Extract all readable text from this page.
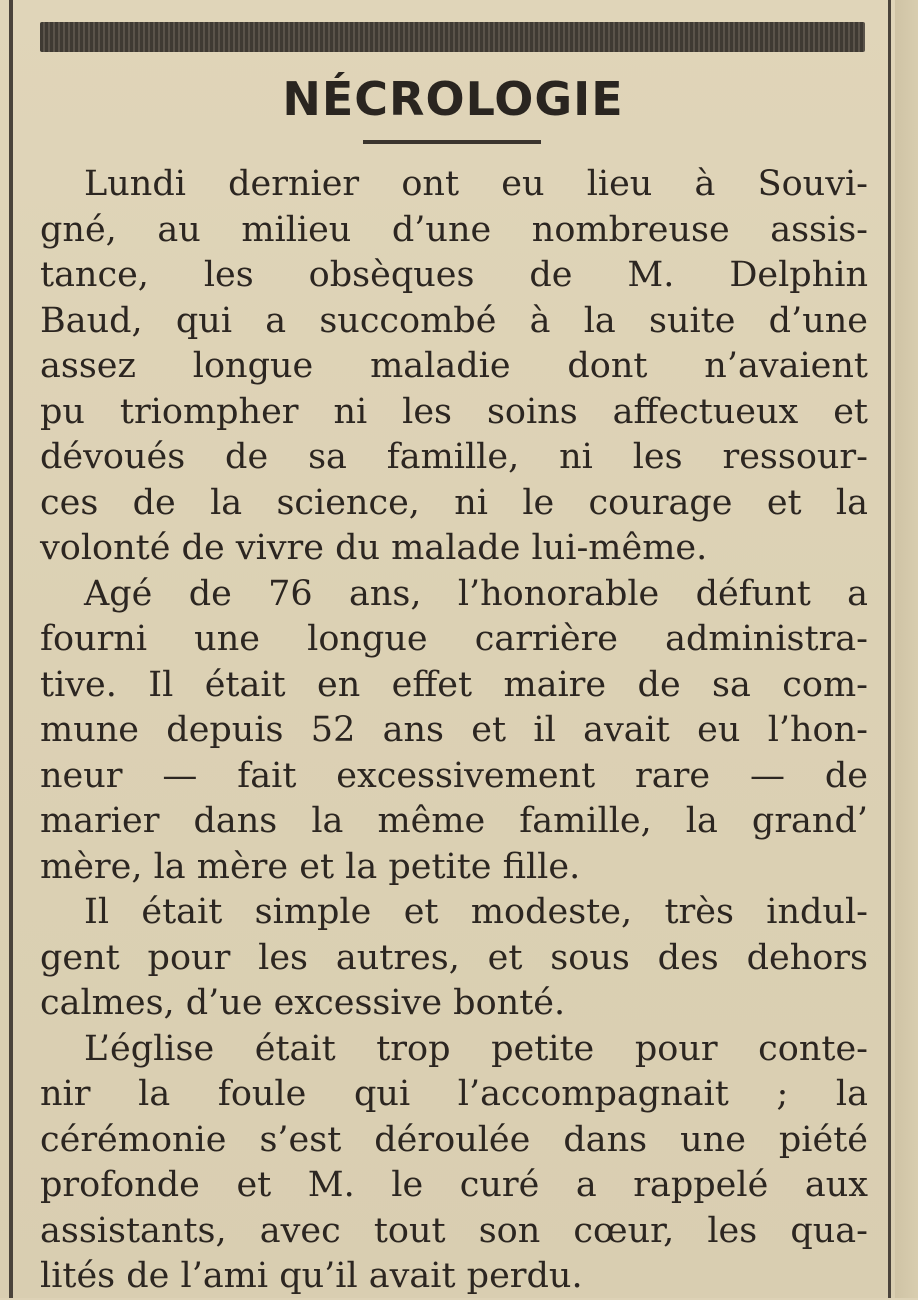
NÉCROLOGIE
Lundi dernier ont eu lieu à Souvi-
gné, au milieu d’une nombreuse assis-
tance, les obsèques de M. Delphin
Baud, qui a succombé à la suite d’une
assez longue maladie dont n’avaient
pu triompher ni les soins affectueux et
dévoués de sa famille, ni les ressour-
ces de la science, ni le courage et la
volonté de vivre du malade lui-même.
Agé de 76 ans, l’honorable défunt a
fourni une longue carrière administra-
tive. Il était en effet maire de sa com-
mune depuis 52 ans et il avait eu l’hon-
neur — fait excessivement rare — de
marier dans la même famille, la grand’
mère, la mère et la petite fille.
Il était simple et modeste, très indul-
gent pour les autres, et sous des dehors
calmes, d’ue excessive bonté.
L’église était trop petite pour conte-
nir la foule qui l’accompagnait ; la
cérémonie s’est déroulée dans une piété
profonde et M. le curé a rappelé aux
assistants, avec tout son cœur, les qua-
lités de l’ami qu’il avait perdu.
